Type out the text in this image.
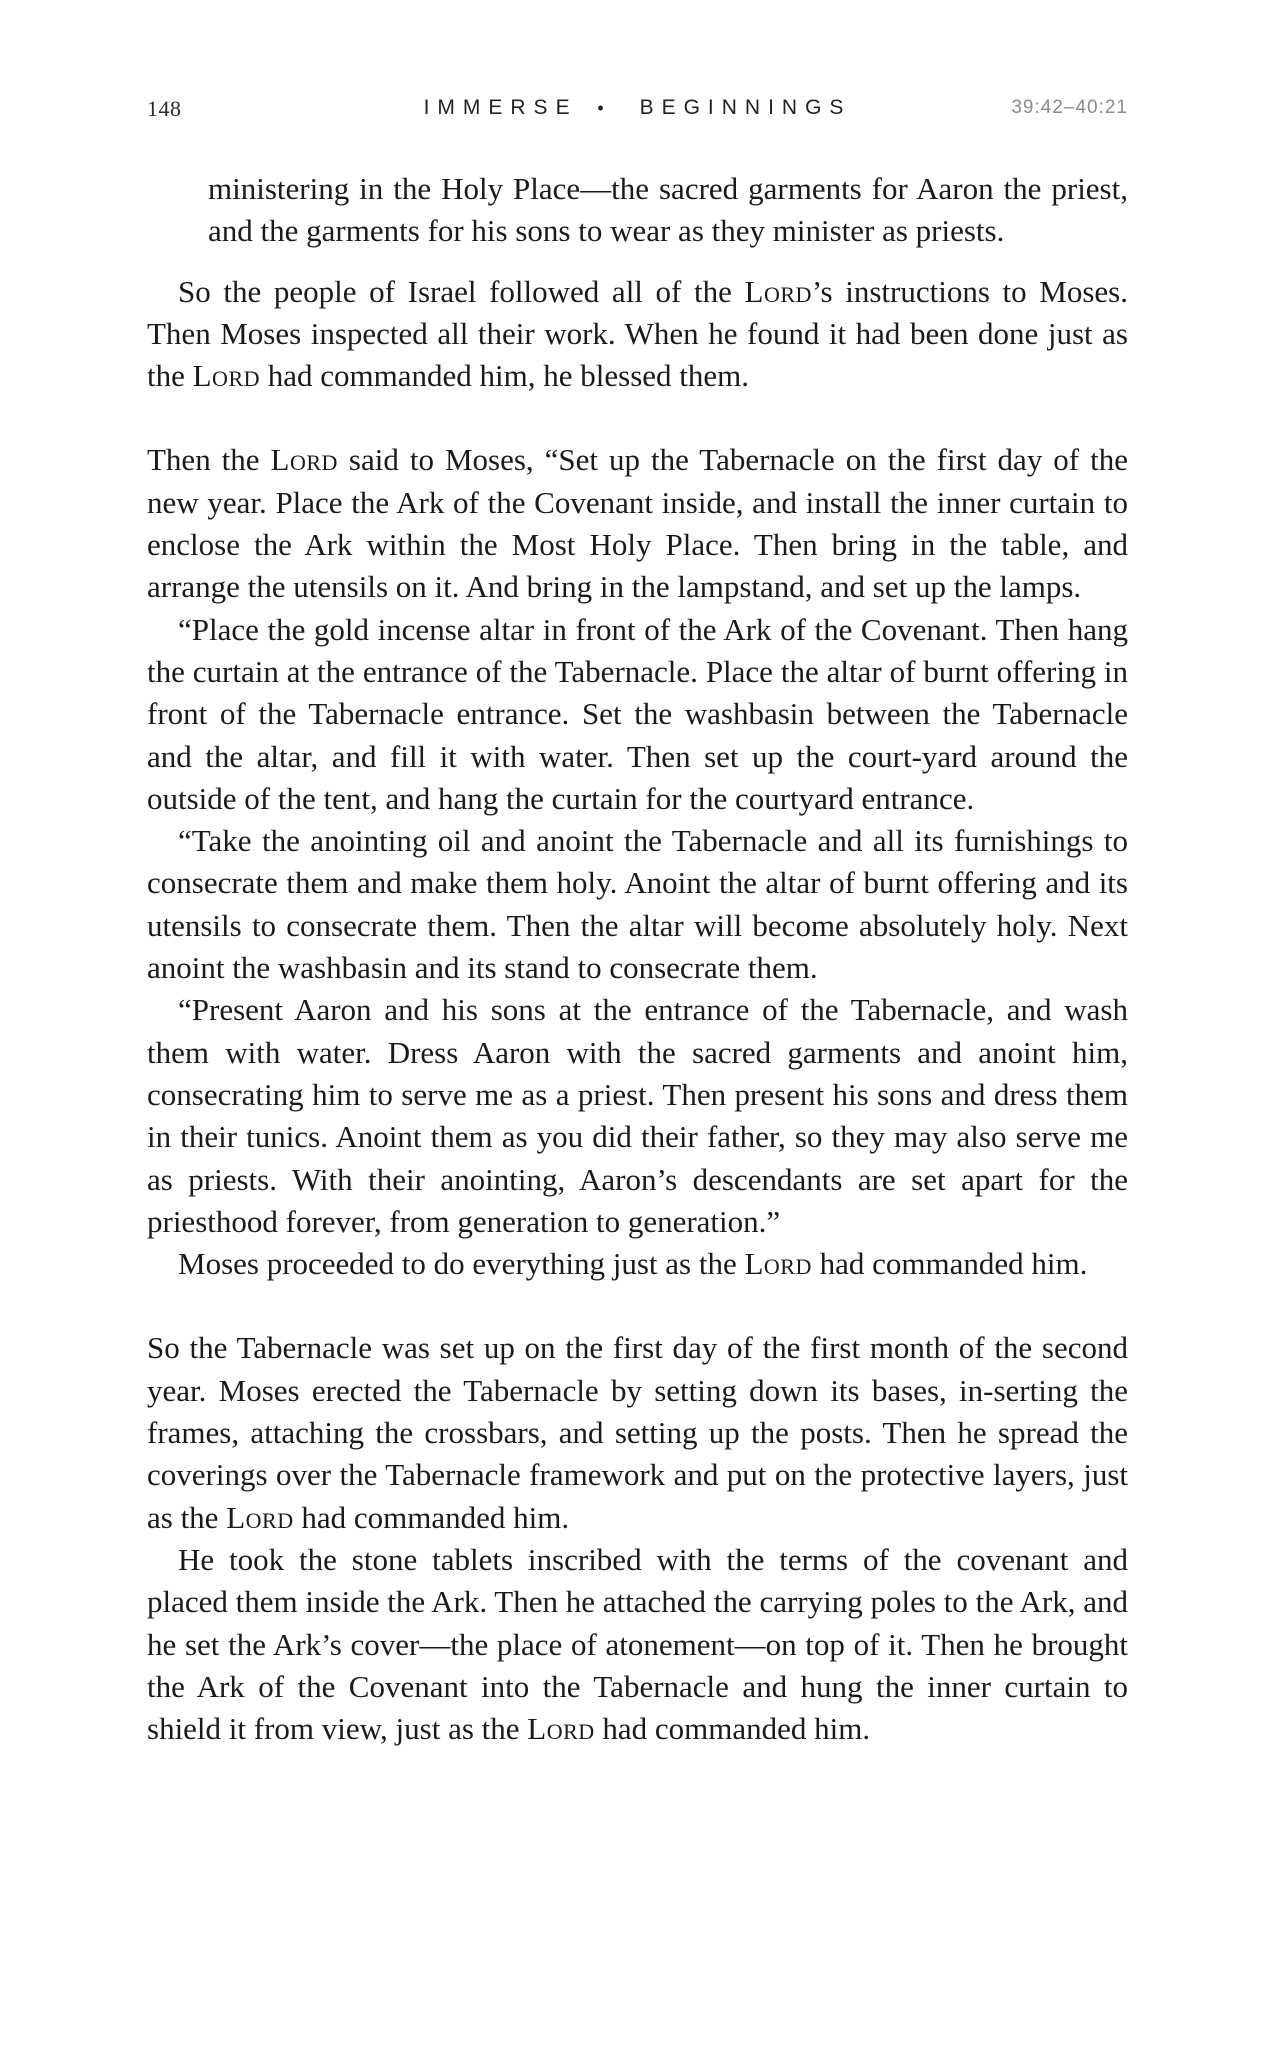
148	IMMERSE • BEGINNINGS	39:42–40:21

ministering in the Holy Place—the sacred garments for Aaron the priest, and the garments for his sons to wear as they minister as priests.

So the people of Israel followed all of the Lord’s instructions to Moses. Then Moses inspected all their work. When he found it had been done just as the Lord had commanded him, he blessed them.

Then the Lord said to Moses, “Set up the Tabernacle on the first day of the new year. Place the Ark of the Covenant inside, and install the inner curtain to enclose the Ark within the Most Holy Place. Then bring in the table, and arrange the utensils on it. And bring in the lampstand, and set up the lamps.

“Place the gold incense altar in front of the Ark of the Covenant. Then hang the curtain at the entrance of the Tabernacle. Place the altar of burnt offering in front of the Tabernacle entrance. Set the washbasin between the Tabernacle and the altar, and fill it with water. Then set up the court-yard around the outside of the tent, and hang the curtain for the courtyard entrance.

“Take the anointing oil and anoint the Tabernacle and all its furnishings to consecrate them and make them holy. Anoint the altar of burnt offering and its utensils to consecrate them. Then the altar will become absolutely holy. Next anoint the washbasin and its stand to consecrate them.

“Present Aaron and his sons at the entrance of the Tabernacle, and wash them with water. Dress Aaron with the sacred garments and anoint him, consecrating him to serve me as a priest. Then present his sons and dress them in their tunics. Anoint them as you did their father, so they may also serve me as priests. With their anointing, Aaron’s descendants are set apart for the priesthood forever, from generation to generation.”

Moses proceeded to do everything just as the Lord had commanded him.

So the Tabernacle was set up on the first day of the first month of the second year. Moses erected the Tabernacle by setting down its bases, in-serting the frames, attaching the crossbars, and setting up the posts. Then he spread the coverings over the Tabernacle framework and put on the protective layers, just as the Lord had commanded him.

He took the stone tablets inscribed with the terms of the covenant and placed them inside the Ark. Then he attached the carrying poles to the Ark, and he set the Ark’s cover—the place of atonement—on top of it. Then he brought the Ark of the Covenant into the Tabernacle and hung the inner curtain to shield it from view, just as the Lord had commanded him.
